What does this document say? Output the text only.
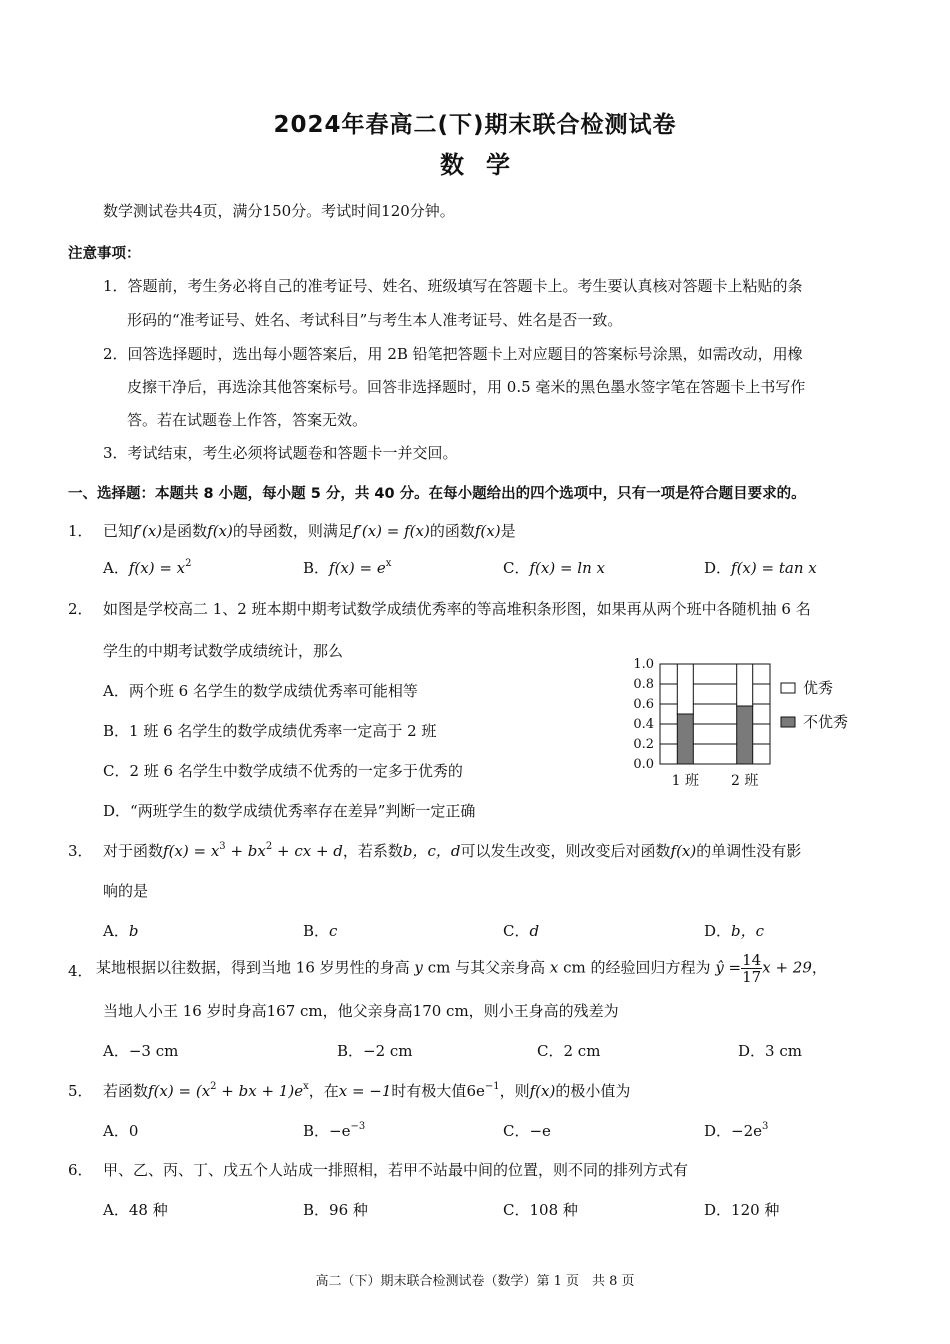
2024年春高二(下)期末联合检测试卷
数学
数学测试卷共4页，满分150分。考试时间120分钟。
注意事项：
1．答题前，考生务必将自己的准考证号、姓名、班级填写在答题卡上。考生要认真核对答题卡上粘贴的条
形码的“准考证号、姓名、考试科目”与考生本人准考证号、姓名是否一致。
2．回答选择题时，选出每小题答案后，用 2B 铅笔把答题卡上对应题目的答案标号涂黑，如需改动，用橡
皮擦干净后，再选涂其他答案标号。回答非选择题时，用 0.5 毫米的黑色墨水签字笔在答题卡上书写作
答。若在试题卷上作答，答案无效。
3．考试结束，考生必须将试题卷和答题卡一并交回。
一、选择题：本题共 8 小题，每小题 5 分，共 40 分。在每小题给出的四个选项中，只有一项是符合题目要求的。
1． 已知f′(x)是函数f(x)的导函数，则满足f′(x) = f(x)的函数f(x)是
A．$f(x) = x^2$	B．$f(x) = e^x$	C．f(x) = ln x	D．f(x) = tan x
2． 如图是学校高二 1、2 班本期中期考试数学成绩优秀率的等高堆积条形图，如果再从两个班中各随机抽 6 名
学生的中期考试数学成绩统计，那么
A．两个班 6 名学生的数学成绩优秀率可能相等
B．1 班 6 名学生的数学成绩优秀率一定高于 2 班
C．2 班 6 名学生中数学成绩不优秀的一定多于优秀的
D．“两班学生的数学成绩优秀率存在差异”判断一定正确
0.0
0.2
0.4
0.6
0.8
1.0
1 班 2 班
优秀
不优秀
3． 对于函数$f(x) = x^3 + bx^2$ + cx + d，若系数b，c，d可以发生改变，则改变后对函数f(x)的单调性没有影
响的是
A．b	B．c	C．d	D．b，c
4． 某地根据以往数据，得到当地 16 岁男性的身高 y cm 与其父亲身高 x cm 的经验回归方程为 ŷ = $\frac{14}{17}$ x + 29，
当地人小王 16 岁时身高167 cm，他父亲身高170 cm，则小王身高的残差为
A．−3 cm	B．−2 cm	C．2 cm	D．3 cm
5． 若函数$f(x) = (x^2$ + bx + $1)e^x$，在x = −1时有极大值$6e^{-1}$，则f(x)的极小值为
A．0	B．$-e^{-3}$	C．−e	D．$-2e^3$
6． 甲、乙、丙、丁、戊五个人站成一排照相，若甲不站最中间的位置，则不同的排列方式有
A．48 种	B．96 种	C．108 种	D．120 种
高二（下）期末联合检测试卷（数学）第 1 页　共 8 页
